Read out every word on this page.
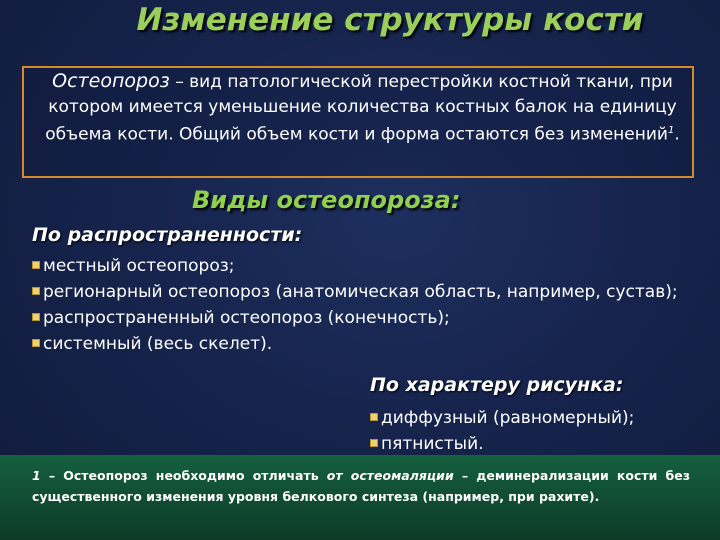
Изменение структуры кости
Остеопороз – вид патологической перестройки костной ткани, при котором имеется уменьшение количества костных балок на единицу объема кости. Общий объем кости и форма остаются без изменений$^1$.
Виды остеопороза:
По распространенности:
местный остеопороз;
регионарный остеопороз (анатомическая область, например, сустав);
распространенный остеопороз (конечность);
системный (весь скелет).
По характеру рисунка:
диффузный (равномерный);
пятнистый.
1 – Остеопороз необходимо отличать от остеомаляции – деминерализации кости без существенного изменения уровня белкового синтеза (например, при рахите).
